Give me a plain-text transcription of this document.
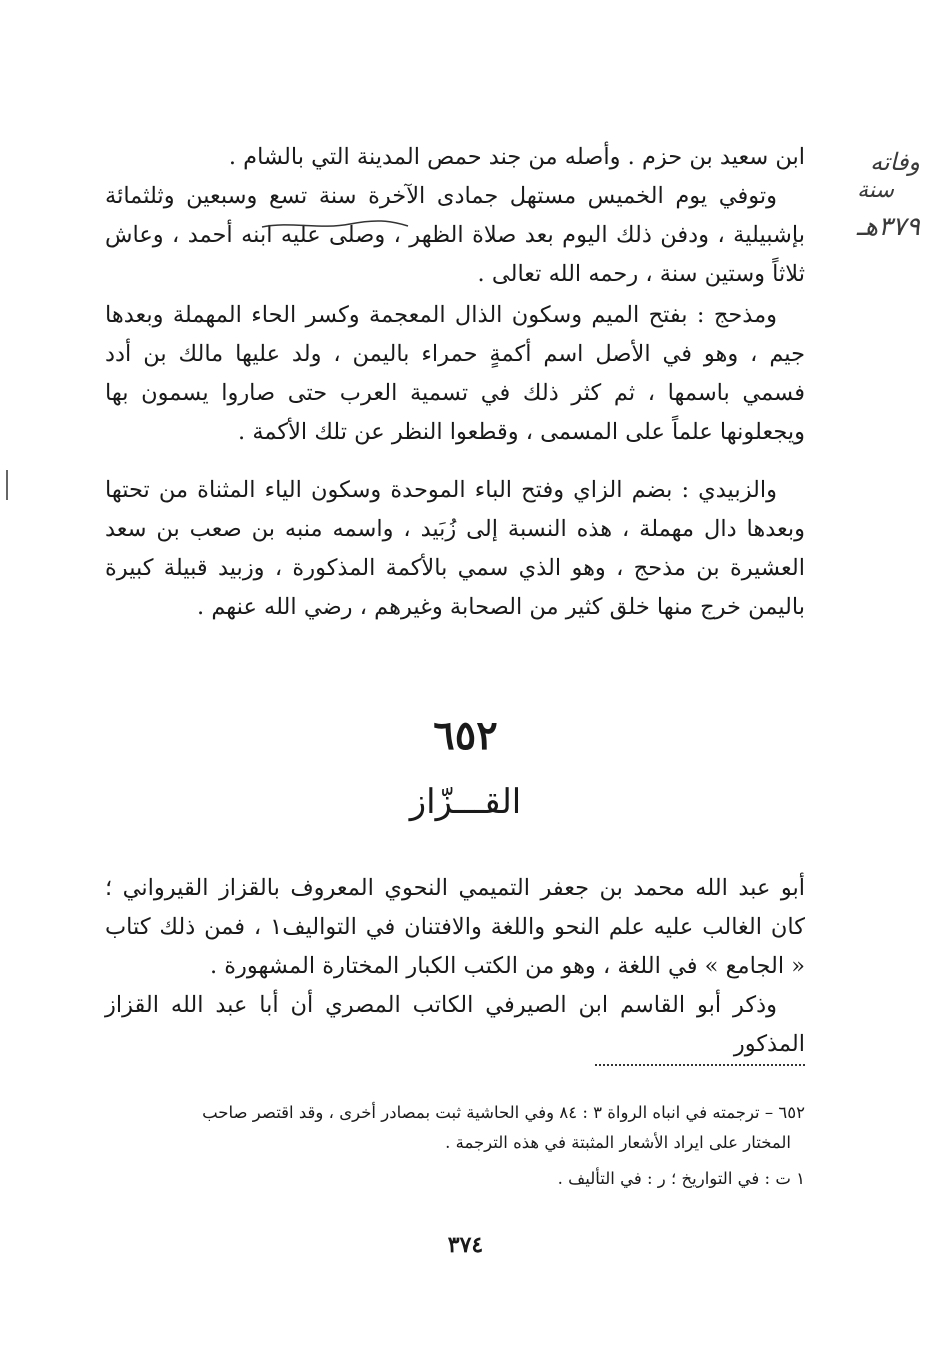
ابن سعيد بن حزم . وأصله من جند حمص المدينة التي بالشام .

وتوفي يوم الخميس مستهل جمادى الآخرة سنة تسع وسبعين وثلثمائة بإشبيلية ، ودفن ذلك اليوم بعد صلاة الظهر ، وصلى عليه ابنه أحمد ، وعاش ثلاثاً وستين سنة ، رحمه الله تعالى .

وفاته
سنة
٣٧٩هـ

ومذحج : بفتح الميم وسكون الذال المعجمة وكسر الحاء المهملة وبعدها جيم ، وهو في الأصل اسم أكمةٍ حمراء باليمن ، ولد عليها مالك بن أدد فسمي باسمها ، ثم كثر ذلك في تسمية العرب حتى صاروا يسمون بها ويجعلونها علماً على المسمى ، وقطعوا النظر عن تلك الأكمة .

والزبيدي : بضم الزاي وفتح الباء الموحدة وسكون الياء المثناة من تحتها وبعدها دال مهملة ، هذه النسبة إلى زُبَيد ، واسمه منبه بن صعب بن سعد العشيرة بن مذحج ، وهو الذي سمي بالأكمة المذكورة ، وزبيد قبيلة كبيرة باليمن خرج منها خلق كثير من الصحابة وغيرهم ، رضي الله عنهم .

٦٥٢
القـــزّاز

أبو عبد الله محمد بن جعفر التميمي النحوي المعروف بالقزاز القيرواني ؛ كان الغالب عليه علم النحو واللغة والافتنان في التواليف١ ، فمن ذلك كتاب « الجامع » في اللغة ، وهو من الكتب الكبار المختارة المشهورة .

وذكر أبو القاسم ابن الصيرفي الكاتب المصري أن أبا عبد الله القزاز المذكور

٦٥٢ – ترجمته في انباه الرواة ٣ : ٨٤ وفي الحاشية ثبت بمصادر أخرى ، وقد اقتصر صاحب

المختار على ايراد الأشعار المثبتة في هذه الترجمة .

١ ت : في التواريخ ؛ ر : في التأليف .

٣٧٤
